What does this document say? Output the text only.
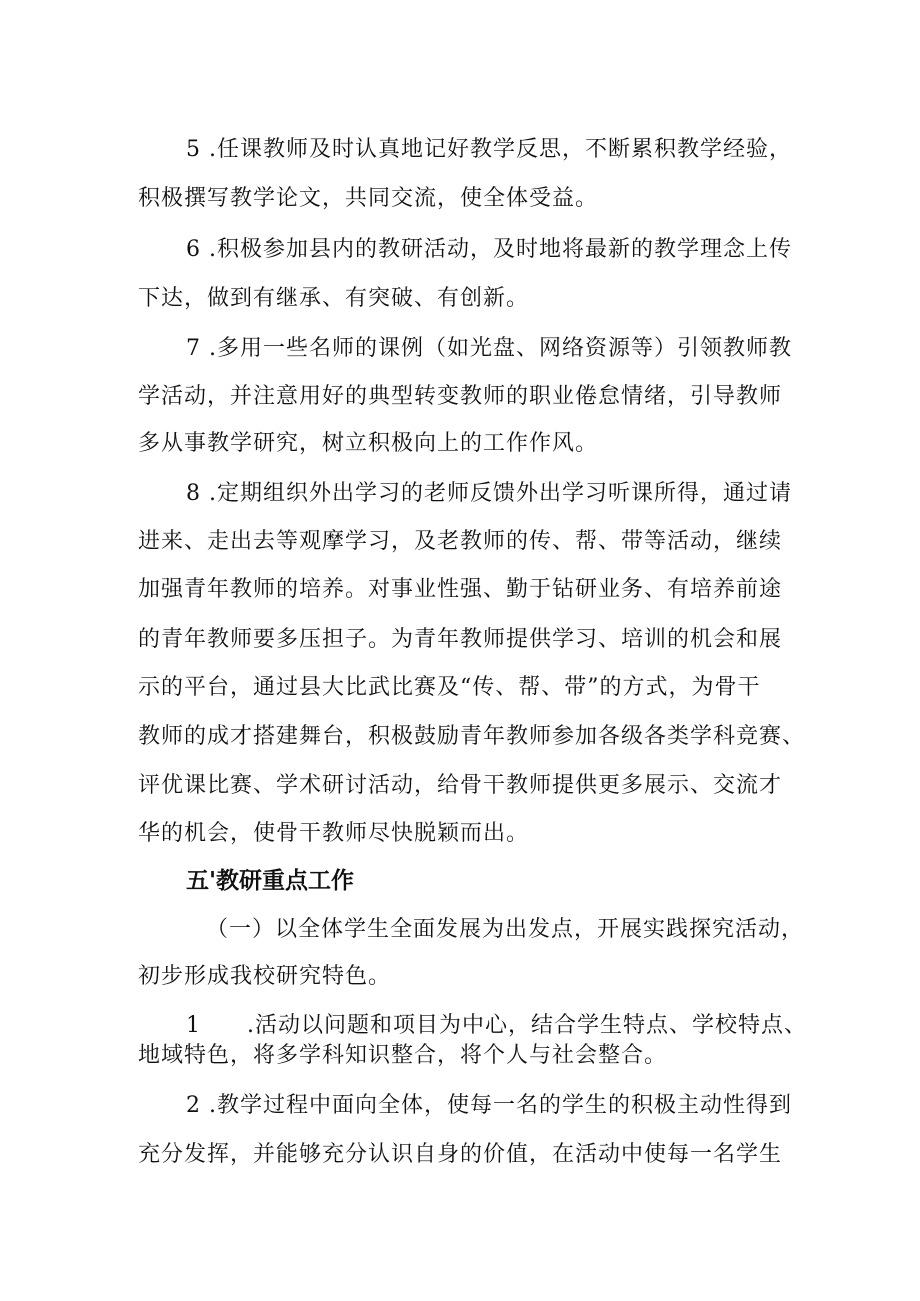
5 .任课教师及时认真地记好教学反思，不断累积教学经验，
积极撰写教学论文，共同交流，使全体受益。
6 .积极参加县内的教研活动，及时地将最新的教学理念上传
下达，做到有继承、有突破、有创新。
7 .多用一些名师的课例（如光盘、网络资源等）引领教师教
学活动，并注意用好的典型转变教师的职业倦怠情绪，引导教师
多从事教学研究，树立积极向上的工作作风。
8 .定期组织外出学习的老师反馈外出学习听课所得，通过请
进来、走出去等观摩学习，及老教师的传、帮、带等活动，继续
加强青年教师的培养。对事业性强、勤于钻研业务、有培养前途
的青年教师要多压担子。为青年教师提供学习、培训的机会和展
示的平台，通过县大比武比赛及“传、帮、带”的方式，为骨干
教师的成才搭建舞台，积极鼓励青年教师参加各级各类学科竞赛、
评优课比赛、学术研讨活动，给骨干教师提供更多展示、交流才
华的机会，使骨干教师尽快脱颖而出。
五'教研重点工作
（一）以全体学生全面发展为出发点，开展实践探究活动，
初步形成我校研究特色。
1　　.活动以问题和项目为中心，结合学生特点、学校特点、
地域特色，将多学科知识整合，将个人与社会整合。
2 .教学过程中面向全体，使每一名的学生的积极主动性得到
充分发挥，并能够充分认识自身的价值，在活动中使每一名学生
